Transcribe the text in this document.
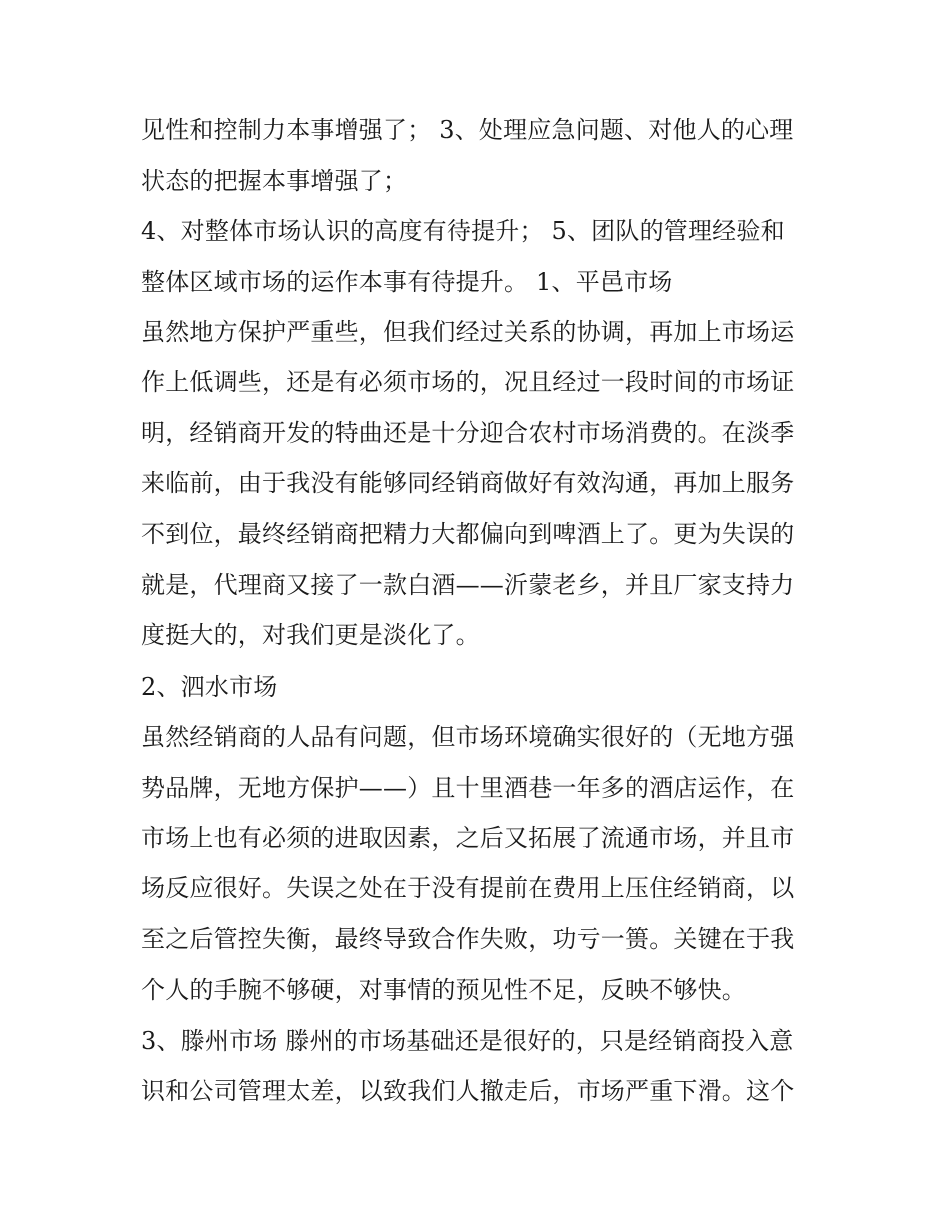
见性和控制力本事增强了； 3、处理应急问题、对他人的心理
状态的把握本事增强了；
4、对整体市场认识的高度有待提升； 5、团队的管理经验和
整体区域市场的运作本事有待提升。 1、平邑市场
虽然地方保护严重些，但我们经过关系的协调，再加上市场运
作上低调些，还是有必须市场的，况且经过一段时间的市场证
明，经销商开发的特曲还是十分迎合农村市场消费的。在淡季
来临前，由于我没有能够同经销商做好有效沟通，再加上服务
不到位，最终经销商把精力大都偏向到啤酒上了。更为失误的
就是，代理商又接了一款白酒——沂蒙老乡，并且厂家支持力
度挺大的，对我们更是淡化了。
2、泗水市场
虽然经销商的人品有问题，但市场环境确实很好的（无地方强
势品牌，无地方保护——）且十里酒巷一年多的酒店运作，在
市场上也有必须的进取因素，之后又拓展了流通市场，并且市
场反应很好。失误之处在于没有提前在费用上压住经销商，以
至之后管控失衡，最终导致合作失败，功亏一篑。关键在于我
个人的手腕不够硬，对事情的预见性不足，反映不够快。
3、滕州市场 滕州的市场基础还是很好的，只是经销商投入意
识和公司管理太差，以致我们人撤走后，市场严重下滑。这个
